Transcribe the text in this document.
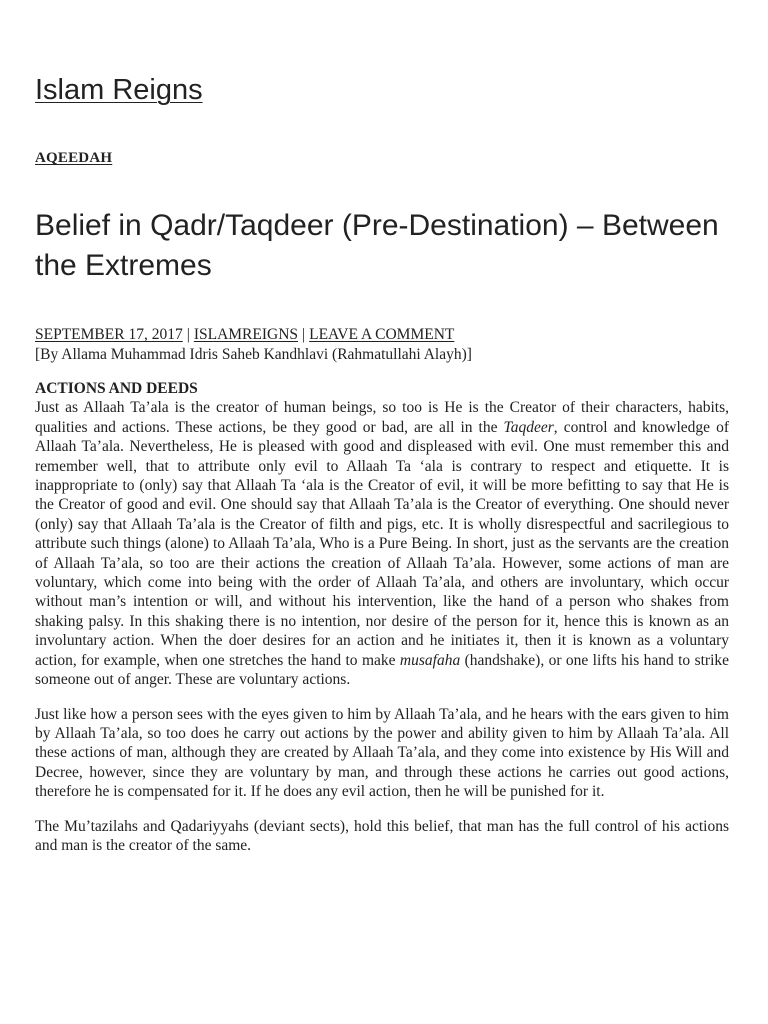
Islam Reigns
AQEEDAH
Belief in Qadr/Taqdeer (Pre-Destination) – Between the Extremes
SEPTEMBER 17, 2017 | ISLAMREIGNS | LEAVE A COMMENT
[By Allama Muhammad Idris Saheb Kandhlavi (Rahmatullahi Alayh)]
ACTIONS AND DEEDS

Just as Allaah Ta’ala is the creator of human beings, so too is He is the Creator of their characters, habits, qualities and actions. These actions, be they good or bad, are all in the Taqdeer, control and knowledge of Allaah Ta’ala. Nevertheless, He is pleased with good and displeased with evil. One must remember this and remember well, that to attribute only evil to Allaah Ta ‘ala is contrary to respect and etiquette. It is inappropriate to (only) say that Allaah Ta ‘ala is the Creator of evil, it will be more befitting to say that He is the Creator of good and evil. One should say that Allaah Ta’ala is the Creator of everything. One should never (only) say that Allaah Ta’ala is the Creator of filth and pigs, etc. It is wholly disrespectful and sacrilegious to attribute such things (alone) to Allaah Ta’ala, Who is a Pure Being. In short, just as the servants are the creation of Allaah Ta’ala, so too are their actions the creation of Allaah Ta’ala. However, some actions of man are voluntary, which come into being with the order of Allaah Ta’ala, and others are involuntary, which occur without man’s intention or will, and without his intervention, like the hand of a person who shakes from shaking palsy. In this shaking there is no intention, nor desire of the person for it, hence this is known as an involuntary action. When the doer desires for an action and he initiates it, then it is known as a voluntary action, for example, when one stretches the hand to make musafaha (handshake), or one lifts his hand to strike someone out of anger. These are voluntary actions.

Just like how a person sees with the eyes given to him by Allaah Ta’ala, and he hears with the ears given to him by Allaah Ta’ala, so too does he carry out actions by the power and ability given to him by Allaah Ta’ala. All these actions of man, although they are created by Allaah Ta’ala, and they come into existence by His Will and Decree, however, since they are voluntary by man, and through these actions he carries out good actions, therefore he is compensated for it. If he does any evil action, then he will be punished for it.

The Mu’tazilahs and Qadariyyahs (deviant sects), hold this belief, that man has the full control of his actions and man is the creator of the same.
